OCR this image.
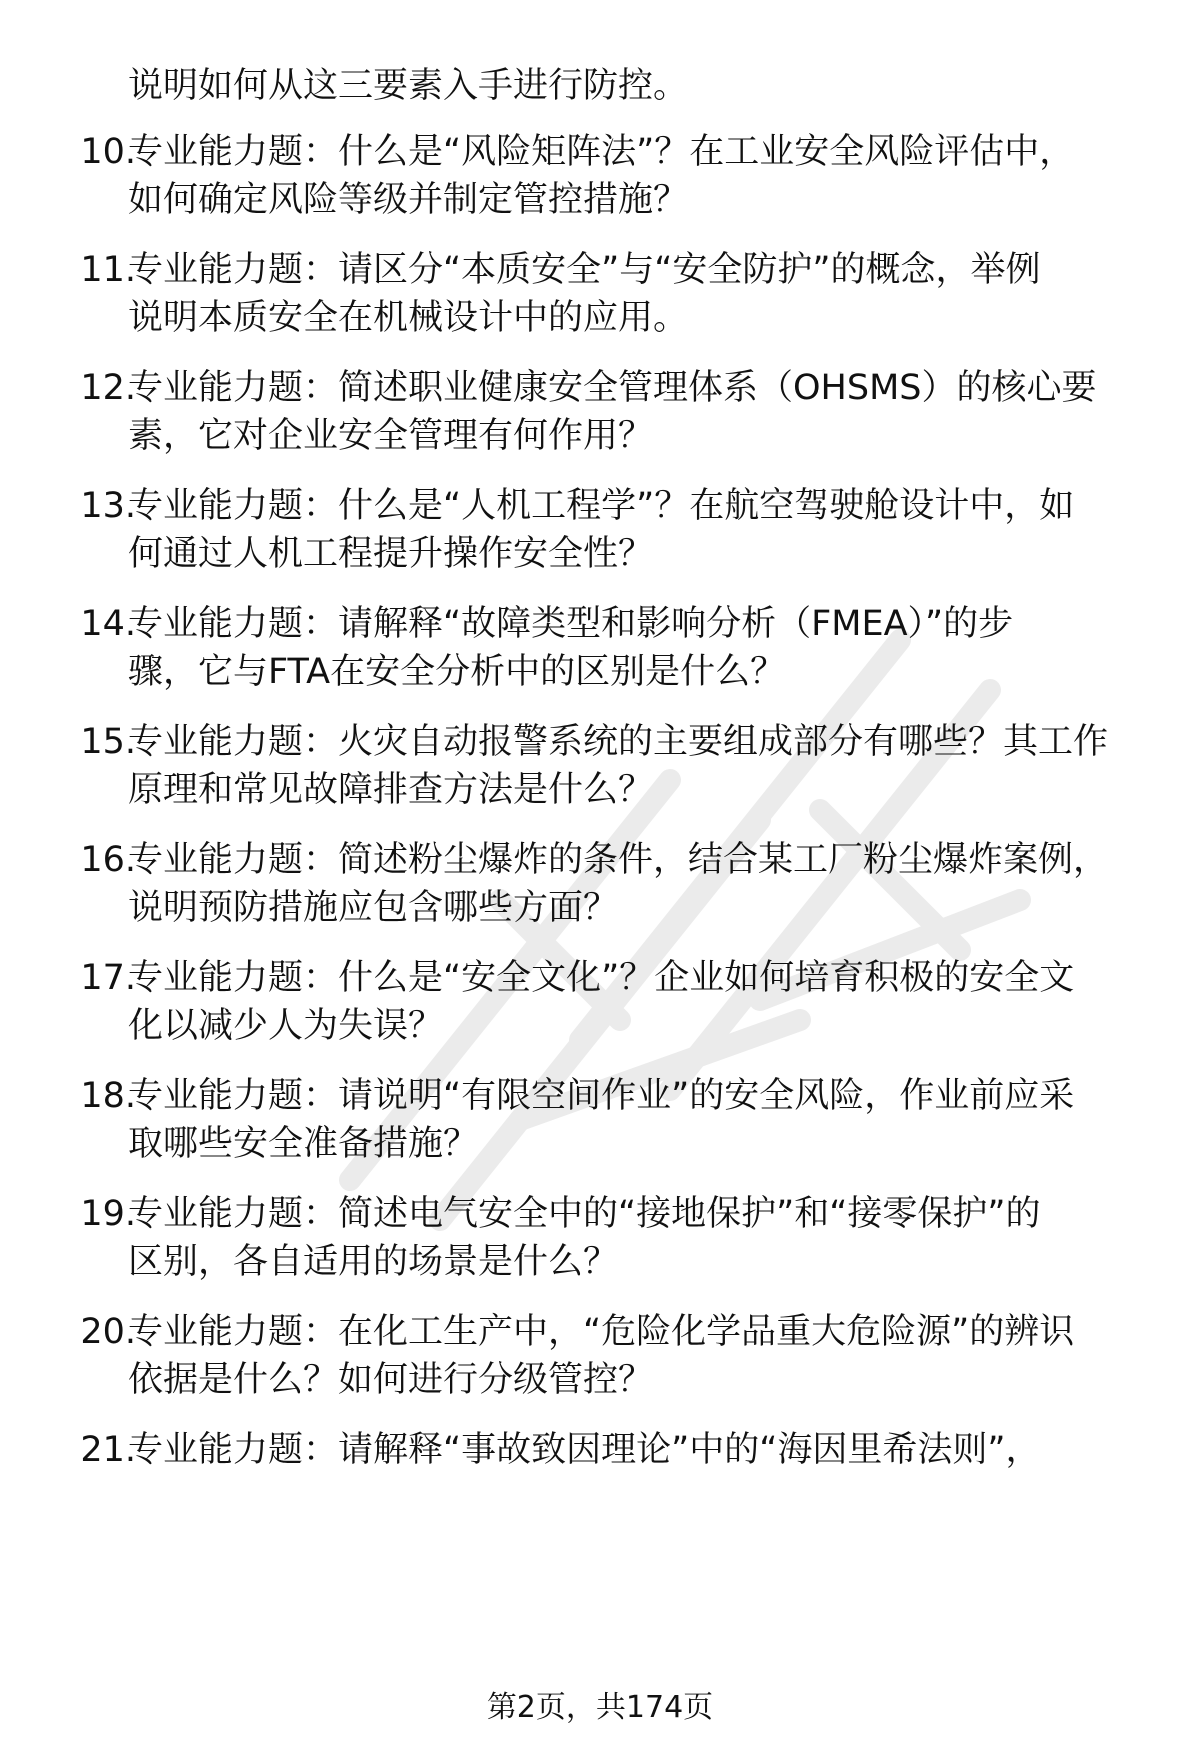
说明如何从这三要素入手进行防控。
10.
专业能力题：什么是“风险矩阵法”？在工业安全风险评估中，
如何确定风险等级并制定管控措施？
11.
专业能力题：请区分“本质安全”与“安全防护”的概念，举例
说明本质安全在机械设计中的应用。
12.
专业能力题：简述职业健康安全管理体系（OHSMS）的核心要
素，它对企业安全管理有何作用？
13.
专业能力题：什么是“人机工程学”？在航空驾驶舱设计中，如
何通过人机工程提升操作安全性？
14.
专业能力题：请解释“故障类型和影响分析（FMEA）”的步
骤，它与FTA在安全分析中的区别是什么？
15.
专业能力题：火灾自动报警系统的主要组成部分有哪些？其工作
原理和常见故障排查方法是什么？
16.
专业能力题：简述粉尘爆炸的条件，结合某工厂粉尘爆炸案例，
说明预防措施应包含哪些方面？
17.
专业能力题：什么是“安全文化”？企业如何培育积极的安全文
化以减少人为失误？
18.
专业能力题：请说明“有限空间作业”的安全风险，作业前应采
取哪些安全准备措施？
19.
专业能力题：简述电气安全中的“接地保护”和“接零保护”的
区别，各自适用的场景是什么？
20.
专业能力题：在化工生产中，“危险化学品重大危险源”的辨识
依据是什么？如何进行分级管控？
21.
专业能力题：请解释“事故致因理论”中的“海因里希法则”，
第2页，共174页
